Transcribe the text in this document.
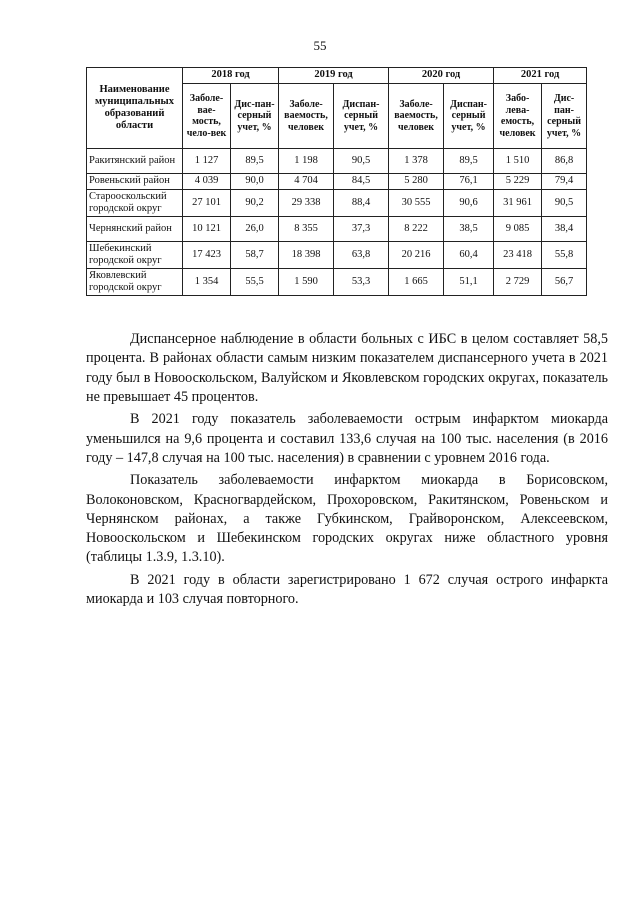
55
Наименование муниципальных образований области	2018 год		2019 год		2020 год		2021 год	
	Заболе-вае-мость, чело-век	Дис-пан-серный учет, %	Заболе-ваемость, человек	Диспан-серный учет, %	Заболе-ваемость, человек	Диспан-серный учет, %	Забо-лева-емость, человек	Дис-пан-серный учет, %
Ракитянский район	1 127	89,5	1 198	90,5	1 378	89,5	1 510	86,8
Ровеньский район	4 039	90,0	4 704	84,5	5 280	76,1	5 229	79,4
Старооскольский городской округ	27 101	90,2	29 338	88,4	30 555	90,6	31 961	90,5
Чернянский район	10 121	26,0	8 355	37,3	8 222	38,5	9 085	38,4
Шебекинский городской округ	17 423	58,7	18 398	63,8	20 216	60,4	23 418	55,8
Яковлевский городской округ	1 354	55,5	1 590	53,3	1 665	51,1	2 729	56,7

Диспансерное наблюдение в области больных с ИБС в целом составляет 58,5 процента. В районах области самым низким показателем диспансерного учета в 2021 году был в Новооскольском, Валуйском и Яковлевском городских округах, показатель не превышает 45 процентов.

В 2021 году показатель заболеваемости острым инфарктом миокарда уменьшился на 9,6 процента и составил 133,6 случая на 100 тыс. населения (в 2016 году – 147,8 случая на 100 тыс. населения) в сравнении с уровнем 2016 года.

Показатель заболеваемости инфарктом миокарда в Борисовском, Волоконовском, Красногвардейском, Прохоровском, Ракитянском, Ровеньском и Чернянском районах, а также Губкинском, Грайворонском, Алексеевском, Новооскольском и Шебекинском городских округах ниже областного уровня (таблицы 1.3.9, 1.3.10).

В 2021 году в области зарегистрировано 1 672 случая острого инфаркта миокарда и 103 случая повторного.
